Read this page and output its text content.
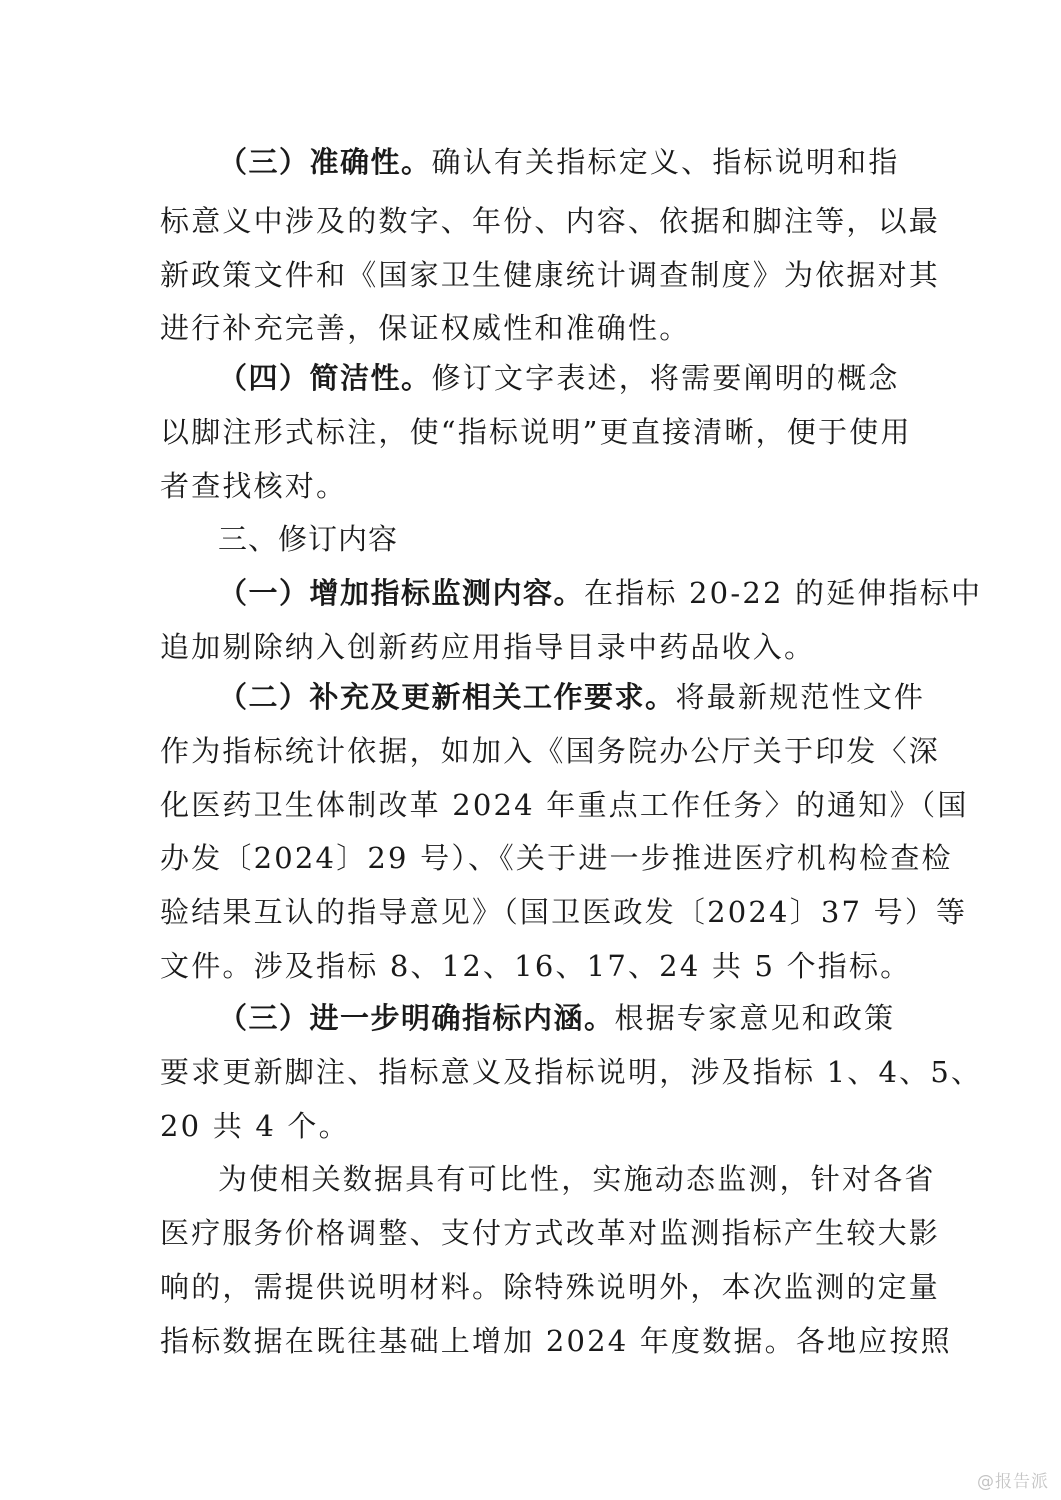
（三）准确性。确认有关指标定义、指标说明和指
标意义中涉及的数字、年份、内容、依据和脚注等，以最
新政策文件和《国家卫生健康统计调查制度》为依据对其
进行补充完善，保证权威性和准确性。
（四）简洁性。修订文字表述，将需要阐明的概念
以脚注形式标注，使“指标说明”更直接清晰，便于使用
者查找核对。
三、修订内容
（一）增加指标监测内容。在指标 20-22 的延伸指标中
追加剔除纳入创新药应用指导目录中药品收入。
（二）补充及更新相关工作要求。将最新规范性文件
作为指标统计依据，如加入《国务院办公厅关于印发〈深
化医药卫生体制改革 2024 年重点工作任务〉的通知》（国
办发〔2024〕29 号）、《关于进一步推进医疗机构检查检
验结果互认的指导意见》（国卫医政发〔2024〕37 号）等
文件。涉及指标 8、12、16、17、24 共 5 个指标。
（三）进一步明确指标内涵。根据专家意见和政策
要求更新脚注、指标意义及指标说明，涉及指标 1、4、5、
20 共 4 个。
为使相关数据具有可比性，实施动态监测，针对各省
医疗服务价格调整、支付方式改革对监测指标产生较大影
响的，需提供说明材料。除特殊说明外，本次监测的定量
指标数据在既往基础上增加 2024 年度数据。各地应按照
@报告派
